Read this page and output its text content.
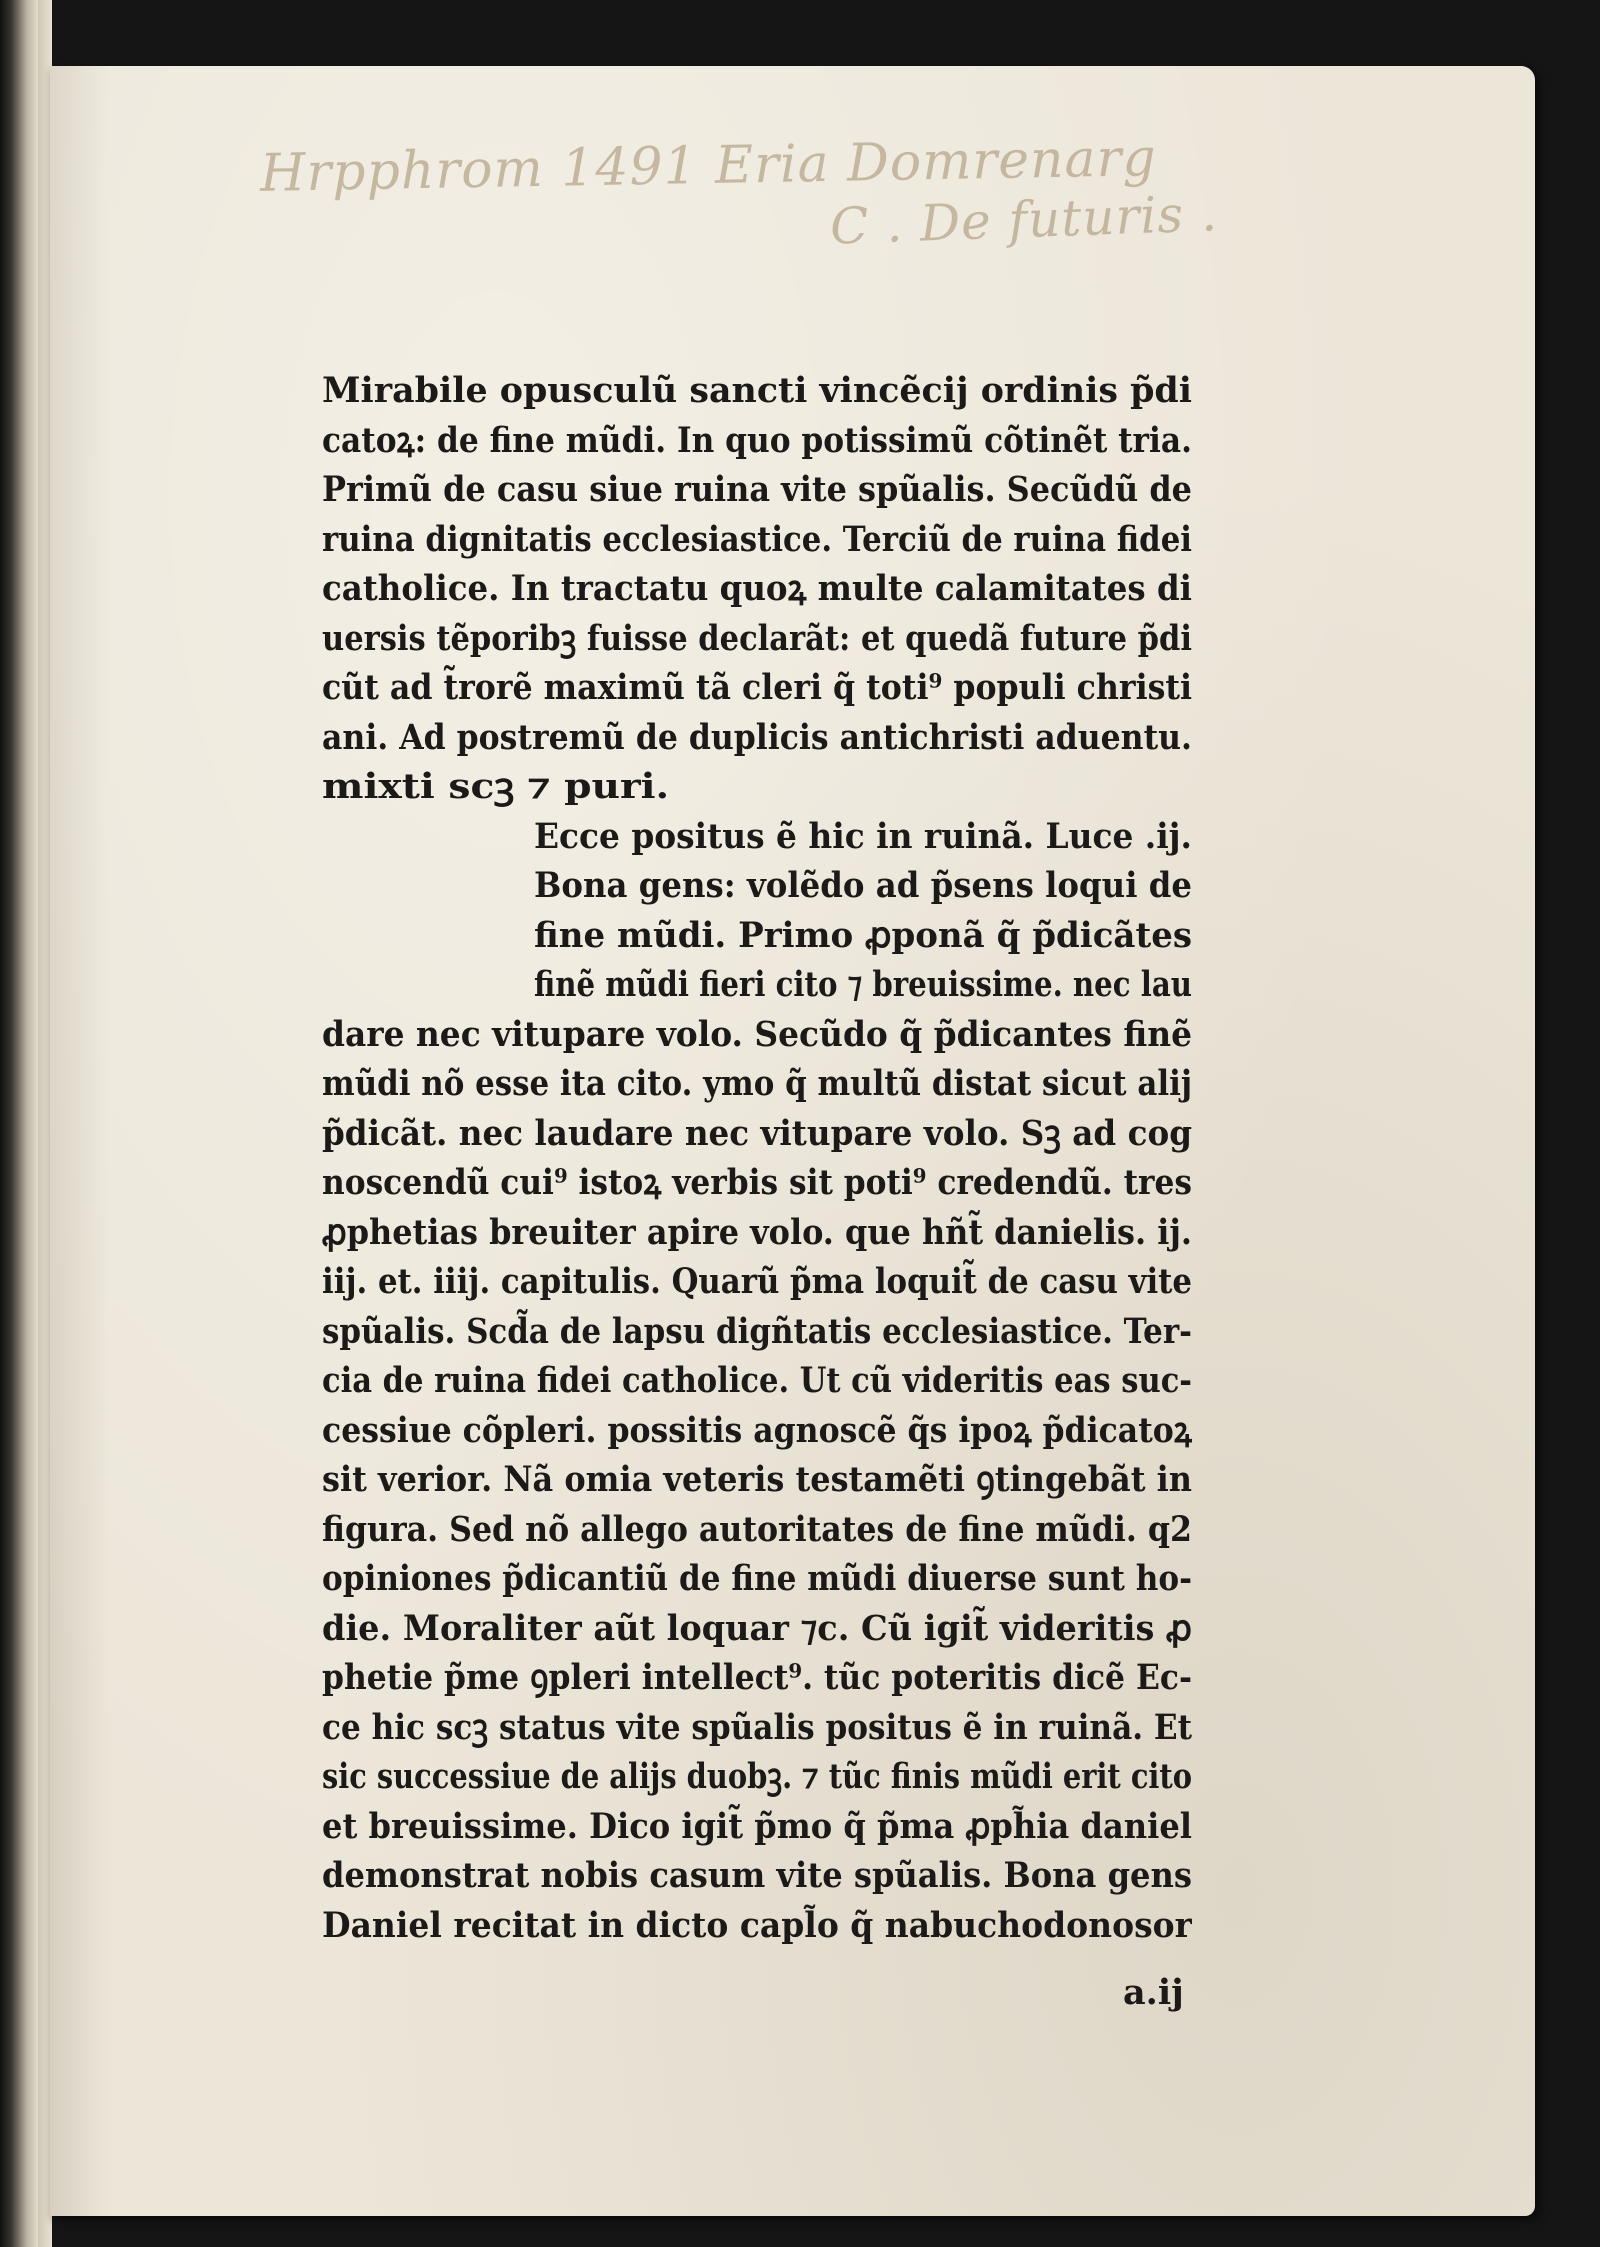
Hrpphrom 1491 Eria Domrenarg
C . De futuris .
Mirabile opusculũ sancti vincẽcij ordinis p̃di
catoꝝ: de fine mũdi. In quo potissimũ cõtinẽt tria.
Primũ de casu siue ruina vite spũalis. Secũdũ de
ruina dignitatis ecclesiastice. Terciũ de ruina fidei
catholice. In tractatu quoꝝ multe calamitates di
uersis tẽporibꝫ fuisse declarãt: et quedã future p̃di
cũt ad t̃rorẽ maximũ tã cleri q̃ toti⁹ populi christi
ani. Ad postremũ de duplicis antichristi aduentu.
mixti scꝫ ⁊ puri.
Ecce positus ẽ hic in ruinã. Luce .ij.
Bona gens: volẽdo ad p̃sens loqui de
fine mũdi. Primo ꝓponã q̃ p̃dicãtes
finẽ mũdi fieri cito ⁊ breuissime. nec lau
dare nec vitupare volo. Secũdo q̃ p̃dicantes finẽ
mũdi nõ esse ita cito. ymo q̃ multũ distat sicut alij
p̃dicãt. nec laudare nec vitupare volo. Sꝫ ad cog
noscendũ cui⁹ istoꝝ verbis sit poti⁹ credendũ. tres
ꝓphetias breuiter apire volo. que hñt̃ danielis. ij.
iij. et. iiij. capitulis. Quarũ p̃ma loquit̃ de casu vite
spũalis. Scd̃a de lapsu digñtatis ecclesiastice. Ter-
cia de ruina fidei catholice. Ut cũ videritis eas suc-
cessiue cõpleri. possitis agnoscẽ q̃s ipoꝝ p̃dicatoꝝ
sit verior. Nã omia veteris testamẽti ꝯtingebãt in
figura. Sed nõ allego autoritates de fine mũdi. q2
opiniones p̃dicantiũ de fine mũdi diuerse sunt ho-
die. Moraliter aũt loquar ⁊c. Cũ igit̃ videritis ꝓ
phetie p̃me ꝯpleri intellect⁹. tũc poteritis dicẽ Ec-
ce hic scꝫ status vite spũalis positus ẽ in ruinã. Et
sic successiue de alijs duobꝫ. ⁊ tũc finis mũdi erit cito
et breuissime. Dico igit̃ p̃mo q̃ p̃ma ꝓph̃ia daniel
demonstrat nobis casum vite spũalis. Bona gens
Daniel recitat in dicto capl̃o q̃ nabuchodonosor
a.ij
